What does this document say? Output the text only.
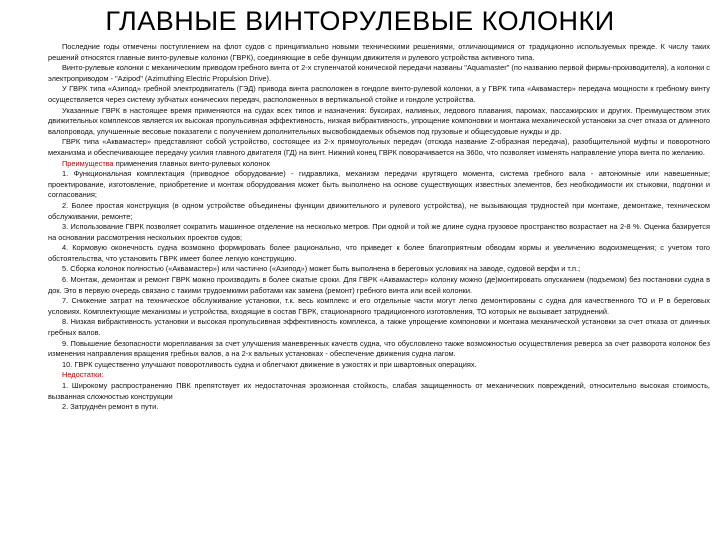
ГЛАВНЫЕ ВИНТОРУЛЕВЫЕ КОЛОНКИ

Последние годы отмечены поступлением на флот судов с принципиально новыми техническими решениями, отличающимися от традиционно используемых прежде. К числу таких решений относятся главные винто-рулевые колонки (ГВРК), соединяющие в себе функции движителя и рулевого устройства активного типа.

Винто-рулевые колонки с механическим приводом гребного винта от 2-х ступенчатой конической передачи названы "Aquamaster" (по названию первой фирмы-производителя), а колонки с электроприводом - "Azipod" (Azimuthing Electric Propulsion Drive).

У ГВРК типа «Азипод» гребной электродвигатель (ГЭД) привода винта расположен в гондоле винто-рулевой колонки, а у ГВРК типа «Аквамастер» передача мощности к гребному винту осуществляется через систему зубчатых конических передач, расположенных в вертикальной стойке и гондоле устройства.

Указанные ГВРК в настоящее время применяются на судах всех типов и назначения: буксирах, наливных, ледового плавания, паромах, пассажирских и других. Преимуществом этих движительных комплексов является их высокая пропульсивная эффективность, низкая вибрактивность, упрощение компоновки и монтажа механической установки за счет отказа от длинного валопровода, улучшенные весовые показатели с получением дополнительных высвобождаемых объемов под грузовые и общесудовые нужды и др.

ГВРК типа «Аквамастер» представляют собой устройство, состоящее из 2-х прямоугольных передач (отсюда название Z-образная передача), разобщительной муфты и поворотного механизма и обеспечивающее передачу усилия главного двигателя (ГД) на винт. Нижний конец ГВРК поворачивается на 360о, что позволяет изменять направление упора винта по желанию.

Преимущества применения главных винто-рулевых колонок

1. Функциональная комплектация (приводное оборудование) - гидравлика, механизм передачи крутящего момента, система гребного вала - автономные или навешенные; проектирование, изготовление, приобретение и монтаж оборудования может быть выполнено на основе существующих известных элементов, без необходимости их стыковки, подгонки и согласования;

2. Более простая конструкция (в одном устройстве объединены функции движительного и рулевого устройства), не вызывающая трудностей при монтаже, демонтаже, техническом обслуживании, ремонте;

3. Использование ГВРК позволяет сократить машинное отделение на несколько метров. При одной и той же длине судна грузовое пространство возрастает на 2-8 %. Оценка базируется на основании рассмотрения нескольких проектов судов;

4. Кормовую оконечность судна возможно формировать более рационально, что приведет к более благоприятным обводам кормы и увеличению водоизмещения; с учетом того обстоятельства, что установить ГВРК имеет более легкую конструкцию.

5. Сборка колонок полностью («Аквамастер») или частично («Азипод») может быть выполнена в береговых условиях на заводе, судовой верфи и т.п.;

6. Монтаж, демонтаж и ремонт ГВРК можно производить в более сжатые сроки. Для ГВРК «Аквамастер» колонку можно (де)монтировать опусканием (подъемом) без постановки судна в док. Это в первую очередь связано с такими трудоемкими работами как замена (ремонт) гребного винта или всей колонки.

7. Снижение затрат на техническое обслуживание установки, т.к. весь комплекс и его отдельные части могут легко демонтированы с судна для качественного ТО и Р в береговых условиях. Комплектующие механизмы и устройства, входящие в состав ГВРК, стационарного традиционного изготовления, ТО которых не вызывает затруднений.

8. Низкая вибрактивность установки и высокая пропульсивная эффективность комплекса, а также упрощение компоновки и монтажа механической установки за счет отказа от длинных гребных валов.

9. Повышение безопасности мореплавания за счет улучшения маневренных качеств судна, что обусловлено также возможностью осуществления реверса за счет разворота колонок без изменения направления вращения гребных валов, а на 2-х вальных установках - обеспечение движения судна лагом.

10. ГВРК существенно улучшают поворотливость судна и облегчают движение в узкостях и при швартовных операциях.

Недостатки:

1. Широкому распространению ПВК препятствует их недостаточная эрозионная стойкость, слабая защищенность от механических повреждений, относительно высокая стоимость, вызванная сложностью конструкции

2. Затруднён ремонт в пути.
